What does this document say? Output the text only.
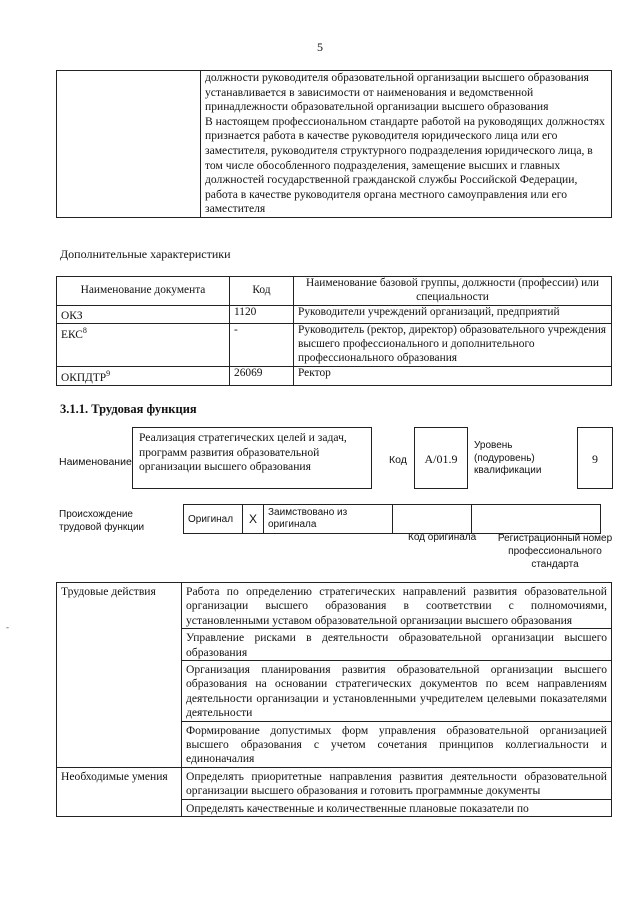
5

должности руководителя образовательной организации высшего образования устанавливается в зависимости от наименования и ведомственной принадлежности образовательной организации высшего образования
В настоящем профессиональном стандарте работой на руководящих должностях признается работа в качестве руководителя юридического лица или его заместителя, руководителя структурного подразделения юридического лица, в том числе обособленного подразделения, замещение высших и главных должностей государственной гражданской службы Российской Федерации, работа в качестве руководителя органа местного самоуправления или его заместителя
Дополнительные характеристики
Наименование документа	Код	Наименование базовой группы, должности (профессии) или специальности
ОКЗ	1120	Руководители учреждений организаций, предприятий
ЕКС$^8$	-	Руководитель (ректор, директор) образовательного учреждения высшего профессионального и дополнительного профессионального образования
ОКПДТР$^9$	26069	Ректор
3.1.1. Трудовая функция
Наименование
Реализация стратегических целей и задач, программ развития образовательной организации высшего образования	Код	А/01.9
Уровень (подуровень) квалификации
9
Происхождение трудовой функции
Оригинал	X	Заимствовано из оригинала		
Код оригинала	Регистрационный номер профессионального стандарта
Трудовые действия	Работа по определению стратегических направлений развития образовательной организации высшего образования в соответствии с полномочиями, установленными уставом образовательной организации высшего образования
	Управление рисками в деятельности образовательной организации высшего образования
	Организация планирования развития образовательной организации высшего образования на основании стратегических документов по всем направлениям деятельности организации и установленными учредителем целевыми показателями деятельности
	Формирование допустимых форм управления образовательной организацией высшего образования с учетом сочетания принципов коллегиальности и единоначалия
Необходимые умения	Определять приоритетные направления развития деятельности образовательной организации высшего образования и готовить программные документы
	Определять качественные и количественные плановые показатели по
-
